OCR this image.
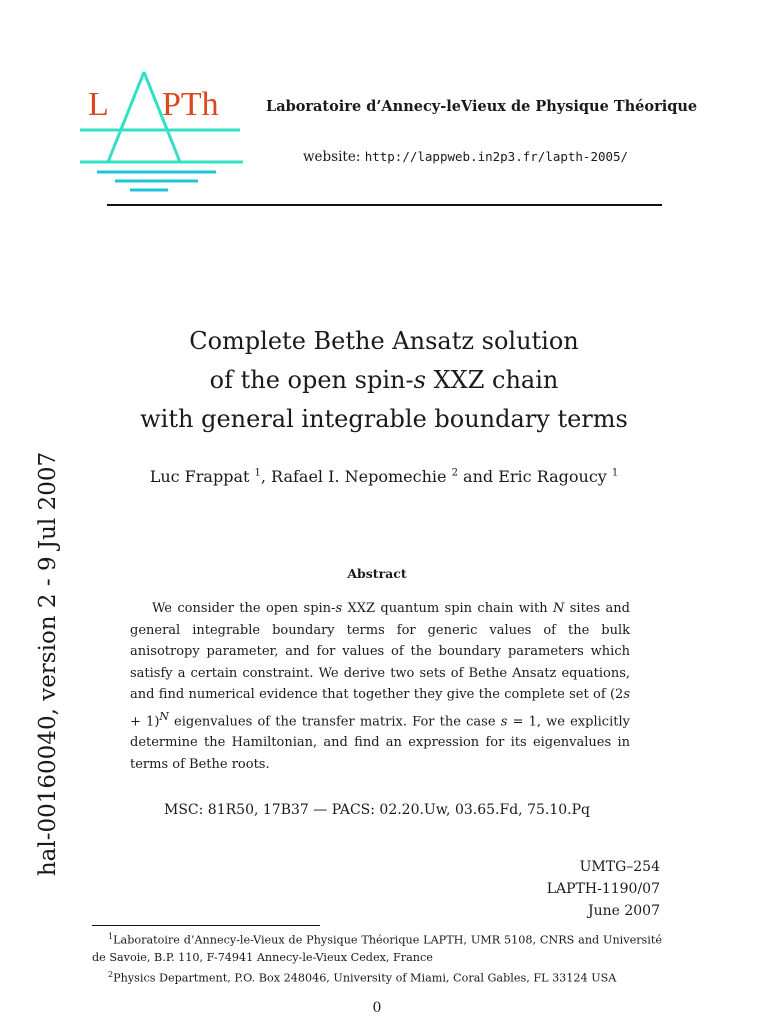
L PTh	Laboratoire d’Annecy-leVieux de Physique Théorique
website: http://lappweb.in2p3.fr/lapth-2005/
hal-00160040, version 2 - 9 Jul 2007
Complete Bethe Ansatz solution
of the open spin-s XXZ chain
with general integrable boundary terms
Luc Frappat $^1$, Rafael I. Nepomechie $^2$ and Eric Ragoucy $^1$
Abstract
We consider the open spin-s XXZ quantum spin chain with N sites and general integrable boundary terms for generic values of the bulk anisotropy parameter, and for values of the boundary parameters which satisfy a certain constraint. We derive two sets of Bethe Ansatz equations, and find numerical evidence that together they give the complete set of $(2s + 1)^N$ eigenvalues of the transfer matrix. For the case s = 1, we explicitly determine the Hamiltonian, and find an expression for its eigenvalues in terms of Bethe roots.
MSC: 81R50, 17B37 — PACS: 02.20.Uw, 03.65.Fd, 75.10.Pq
UMTG–254
LAPTH-1190/07
June 2007
$^1$Laboratoire d’Annecy-le-Vieux de Physique Théorique LAPTH, UMR 5108, CNRS and Université de Savoie, B.P. 110, F-74941 Annecy-le-Vieux Cedex, France
$^2$Physics Department, P.O. Box 248046, University of Miami, Coral Gables, FL 33124 USA
0
